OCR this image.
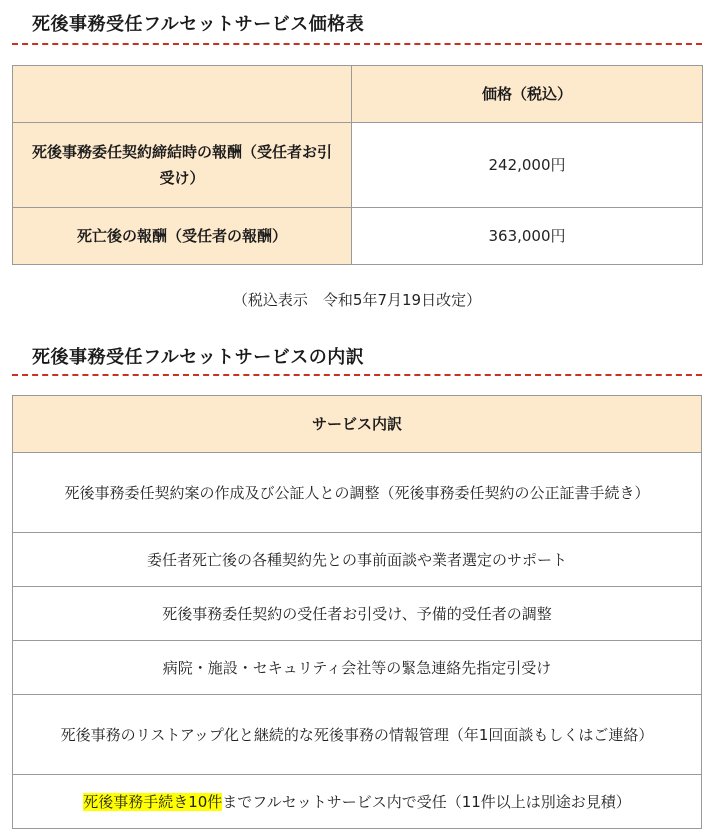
死後事務受任フルセットサービス価格表
	価格（税込）
死後事務委任契約締結時の報酬（受任者お引受け）	242,000円
死亡後の報酬（受任者の報酬）	363,000円
（税込表示　令和5年7月19日改定）
死後事務受任フルセットサービスの内訳
サービス内訳
死後事務委任契約案の作成及び公証人との調整（死後事務委任契約の公正証書手続き）
委任者死亡後の各種契約先との事前面談や業者選定のサポート
死後事務委任契約の受任者お引受け、予備的受任者の調整
病院・施設・セキュリティ会社等の緊急連絡先指定引受け
死後事務のリストアップ化と継続的な死後事務の情報管理（年1回面談もしくはご連絡）
死後事務手続き10件までフルセットサービス内で受任（11件以上は別途お見積）
